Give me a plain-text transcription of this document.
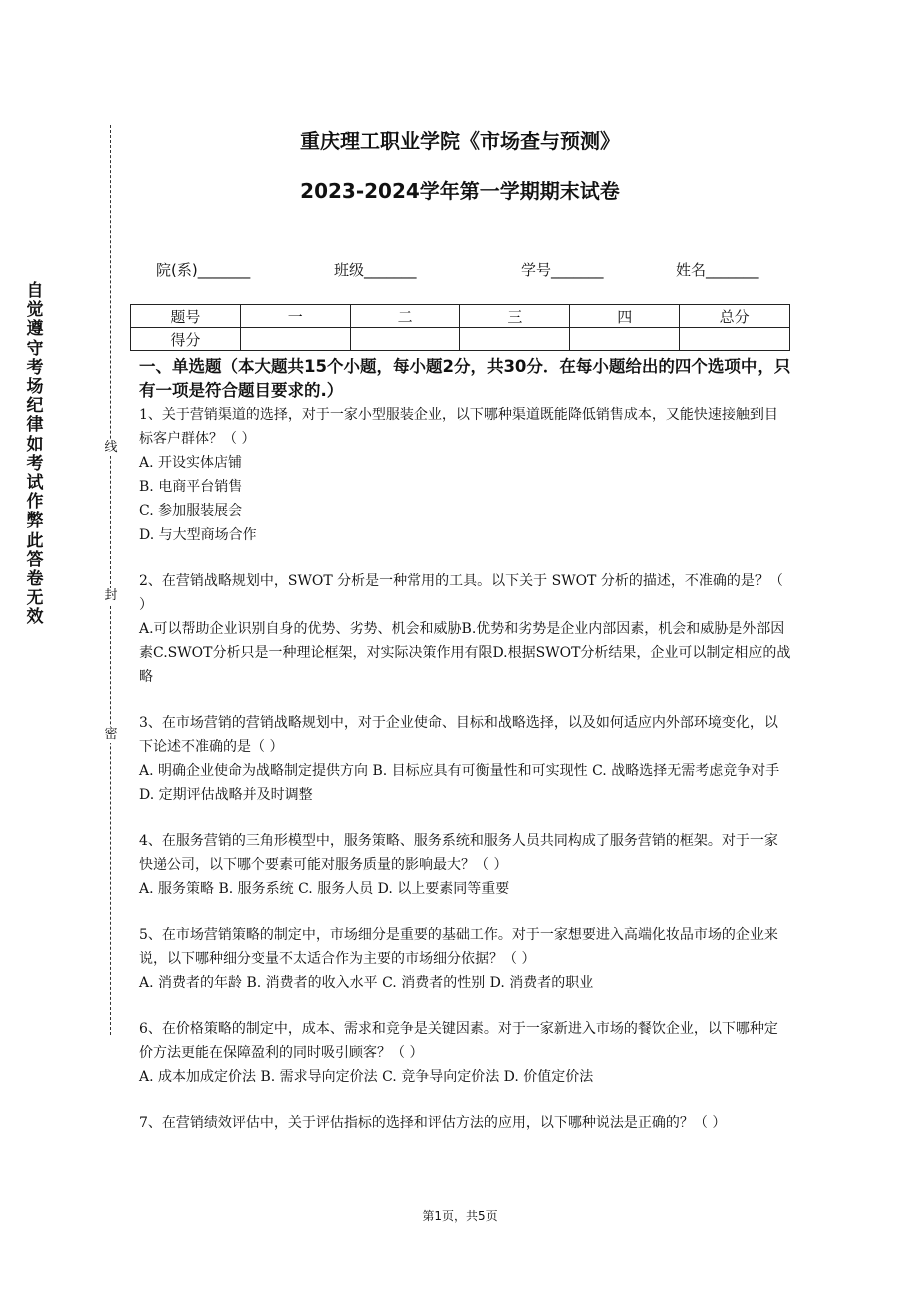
自觉遵守考场纪律如考试作弊此答卷无效
线
封
密
重庆理工职业学院《市场查与预测》
2023-2024学年第一学期期末试卷
院(系)_______	班级_______	学号_______	姓名_______
题号	一	二	三	四	总分
得分					
一、单选题（本大题共15个小题，每小题2分，共30分．在每小题给出的四个选项中，只有一项是符合题目要求的.）

1、关于营销渠道的选择，对于一家小型服装企业，以下哪种渠道既能降低销售成本，又能快速接触到目标客户群体？（ ）

A. 开设实体店铺

B. 电商平台销售

C. 参加服装展会

D. 与大型商场合作

2、在营销战略规划中，SWOT 分析是一种常用的工具。以下关于 SWOT 分析的描述，不准确的是？（ ）

A.可以帮助企业识别自身的优势、劣势、机会和威胁B.优势和劣势是企业内部因素，机会和威胁是外部因素C.SWOT分析只是一种理论框架，对实际决策作用有限D.根据SWOT分析结果，企业可以制定相应的战略

3、在市场营销的营销战略规划中，对于企业使命、目标和战略选择，以及如何适应内外部环境变化，以下论述不准确的是（ ）

A. 明确企业使命为战略制定提供方向 B. 目标应具有可衡量性和可实现性 C. 战略选择无需考虑竞争对手 D. 定期评估战略并及时调整

4、在服务营销的三角形模型中，服务策略、服务系统和服务人员共同构成了服务营销的框架。对于一家快递公司，以下哪个要素可能对服务质量的影响最大？（ ）

A. 服务策略 B. 服务系统 C. 服务人员 D. 以上要素同等重要

5、在市场营销策略的制定中，市场细分是重要的基础工作。对于一家想要进入高端化妆品市场的企业来说，以下哪种细分变量不太适合作为主要的市场细分依据？（ ）

A. 消费者的年龄 B. 消费者的收入水平 C. 消费者的性别 D. 消费者的职业

6、在价格策略的制定中，成本、需求和竞争是关键因素。对于一家新进入市场的餐饮企业，以下哪种定价方法更能在保障盈利的同时吸引顾客？（ ）

A. 成本加成定价法 B. 需求导向定价法 C. 竞争导向定价法 D. 价值定价法

7、在营销绩效评估中，关于评估指标的选择和评估方法的应用，以下哪种说法是正确的？（ ）

第1页，共5页
